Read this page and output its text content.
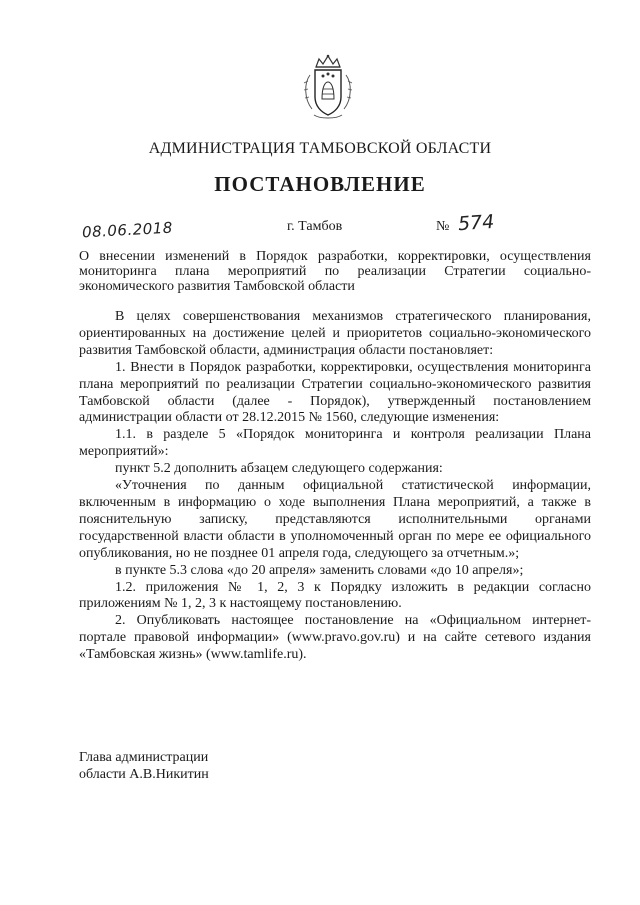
АДМИНИСТРАЦИЯ ТАМБОВСКОЙ ОБЛАСТИ
ПОСТАНОВЛЕНИЕ
08.06.2018	г. Тамбов	№ 574
О внесении изменений в Порядок разработки, корректировки, осуществления мониторинга плана мероприятий по реализации Стратегии социально-экономического развития Тамбовской области

В целях совершенствования механизмов стратегического планирования, ориентированных на достижение целей и приоритетов социально-экономического развития Тамбовской области, администрация области постановляет:

1. Внести в Порядок разработки, корректировки, осуществления мониторинга плана мероприятий по реализации Стратегии социально-экономического развития Тамбовской области (далее - Порядок), утвержденный постановлением администрации области от 28.12.2015 № 1560, следующие изменения:

1.1. в разделе 5 «Порядок мониторинга и контроля реализации Плана мероприятий»:

пункт 5.2 дополнить абзацем следующего содержания:

«Уточнения по данным официальной статистической информации, включенным в информацию о ходе выполнения Плана мероприятий, а также в пояснительную записку, представляются исполнительными органами государственной власти области в уполномоченный орган по мере ее официального опубликования, но не позднее 01 апреля года, следующего за отчетным.»;

в пункте 5.3 слова «до 20 апреля» заменить словами «до 10 апреля»;

1.2. приложения № 1, 2, 3 к Порядку изложить в редакции согласно приложениям № 1, 2, 3 к настоящему постановлению.

2. Опубликовать настоящее постановление на «Официальном интернет-портале правовой информации» (www.pravo.gov.ru) и на сайте сетевого издания «Тамбовская жизнь» (www.tamlife.ru).

Глава администрации
области А.В.Никитин
